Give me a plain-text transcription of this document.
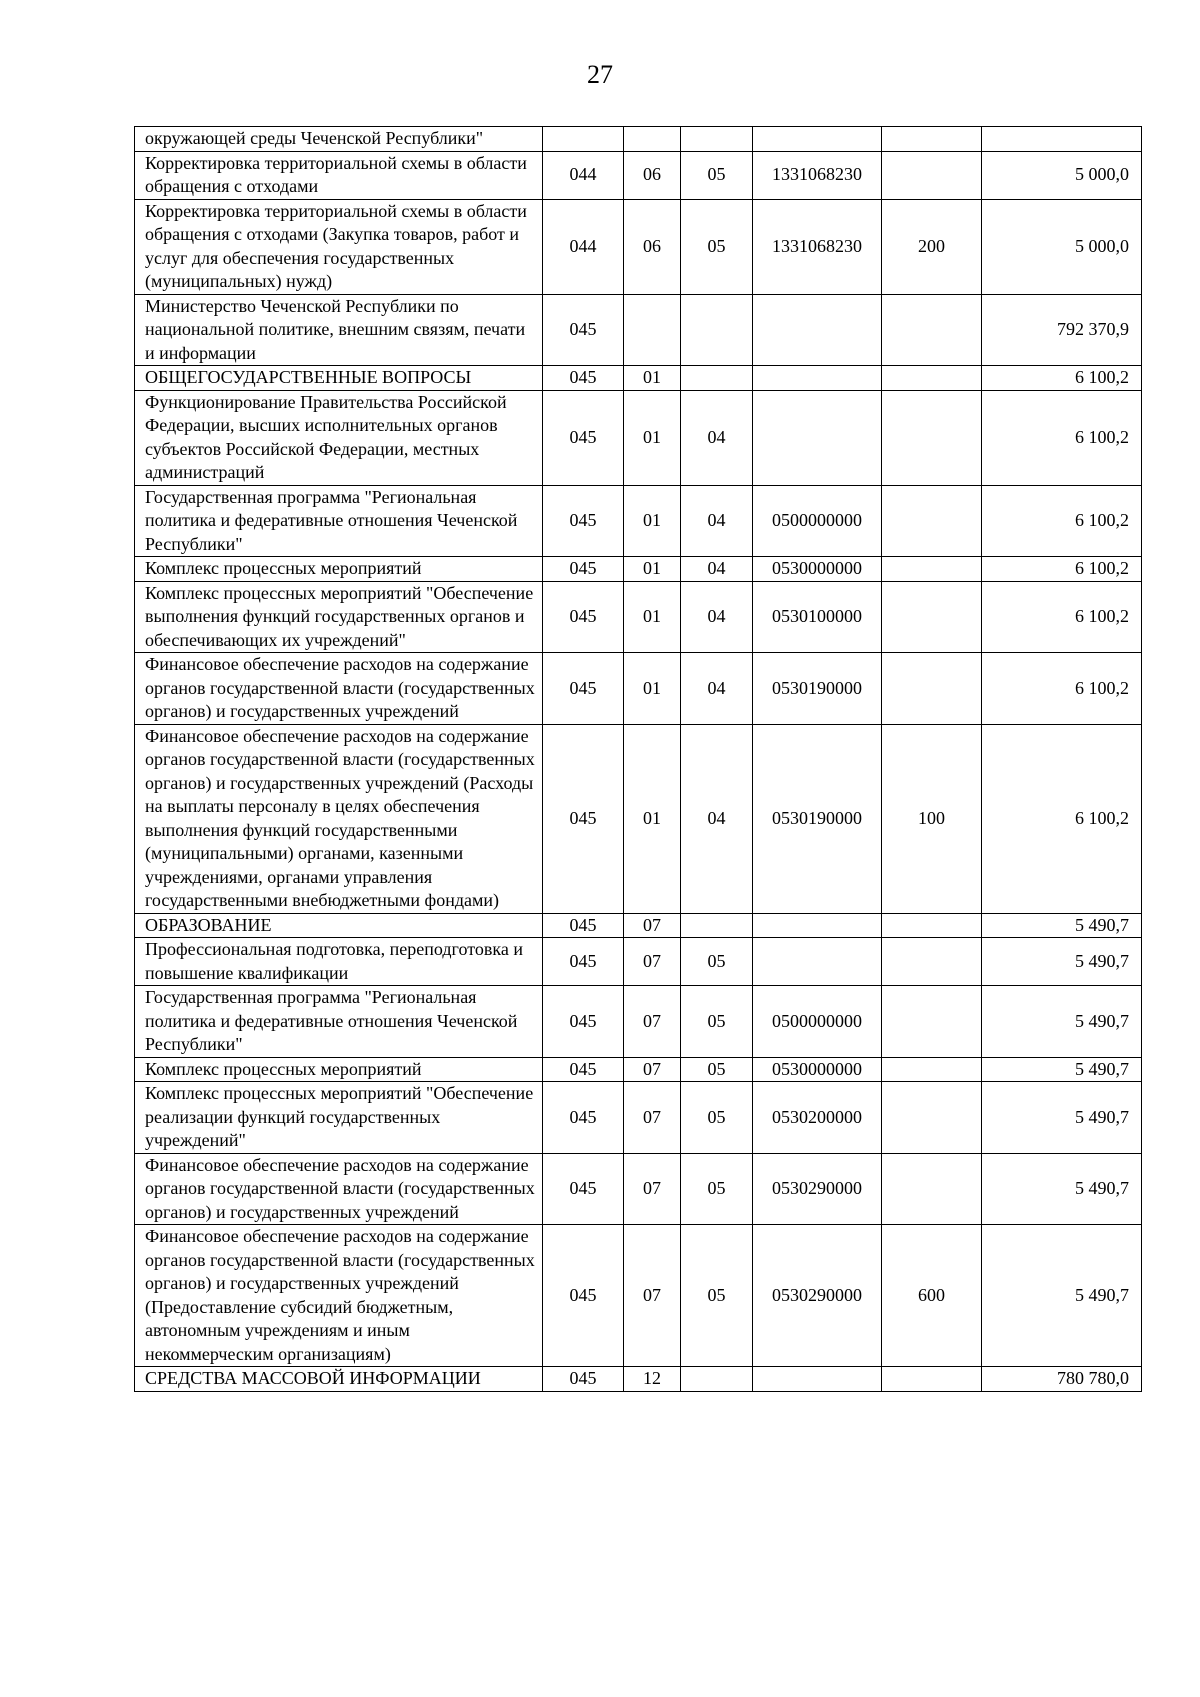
27
окружающей среды Чеченской Республики"						
Корректировка территориальной схемы в области обращения с отходами	044	06	05	1331068230		5 000,0
Корректировка территориальной схемы в области обращения с отходами (Закупка товаров, работ и услуг для обеспечения государственных (муниципальных) нужд)	044	06	05	1331068230	200	5 000,0
Министерство Чеченской Республики по национальной политике, внешним связям, печати и информации	045					792 370,9
ОБЩЕГОСУДАРСТВЕННЫЕ ВОПРОСЫ	045	01				6 100,2
Функционирование Правительства Российской Федерации, высших исполнительных органов субъектов Российской Федерации, местных администраций	045	01	04			6 100,2
Государственная программа "Региональная политика и федеративные отношения Чеченской Республики"	045	01	04	0500000000		6 100,2
Комплекс процессных мероприятий	045	01	04	0530000000		6 100,2
Комплекс процессных мероприятий "Обеспечение выполнения функций государственных органов и обеспечивающих их учреждений"	045	01	04	0530100000		6 100,2
Финансовое обеспечение расходов на содержание органов государственной власти (государственных органов) и государственных учреждений	045	01	04	0530190000		6 100,2
Финансовое обеспечение расходов на содержание органов государственной власти (государственных органов) и государственных учреждений (Расходы на выплаты персоналу в целях обеспечения выполнения функций государственными (муниципальными) органами, казенными учреждениями, органами управления государственными внебюджетными фондами)	045	01	04	0530190000	100	6 100,2
ОБРАЗОВАНИЕ	045	07				5 490,7
Профессиональная подготовка, переподготовка и повышение квалификации	045	07	05			5 490,7
Государственная программа "Региональная политика и федеративные отношения Чеченской Республики"	045	07	05	0500000000		5 490,7
Комплекс процессных мероприятий	045	07	05	0530000000		5 490,7
Комплекс процессных мероприятий "Обеспечение реализации функций государственных учреждений"	045	07	05	0530200000		5 490,7
Финансовое обеспечение расходов на содержание органов государственной власти (государственных органов) и государственных учреждений	045	07	05	0530290000		5 490,7
Финансовое обеспечение расходов на содержание органов государственной власти (государственных органов) и государственных учреждений (Предоставление субсидий бюджетным, автономным учреждениям и иным некоммерческим организациям)	045	07	05	0530290000	600	5 490,7
СРЕДСТВА МАССОВОЙ ИНФОРМАЦИИ	045	12				780 780,0
